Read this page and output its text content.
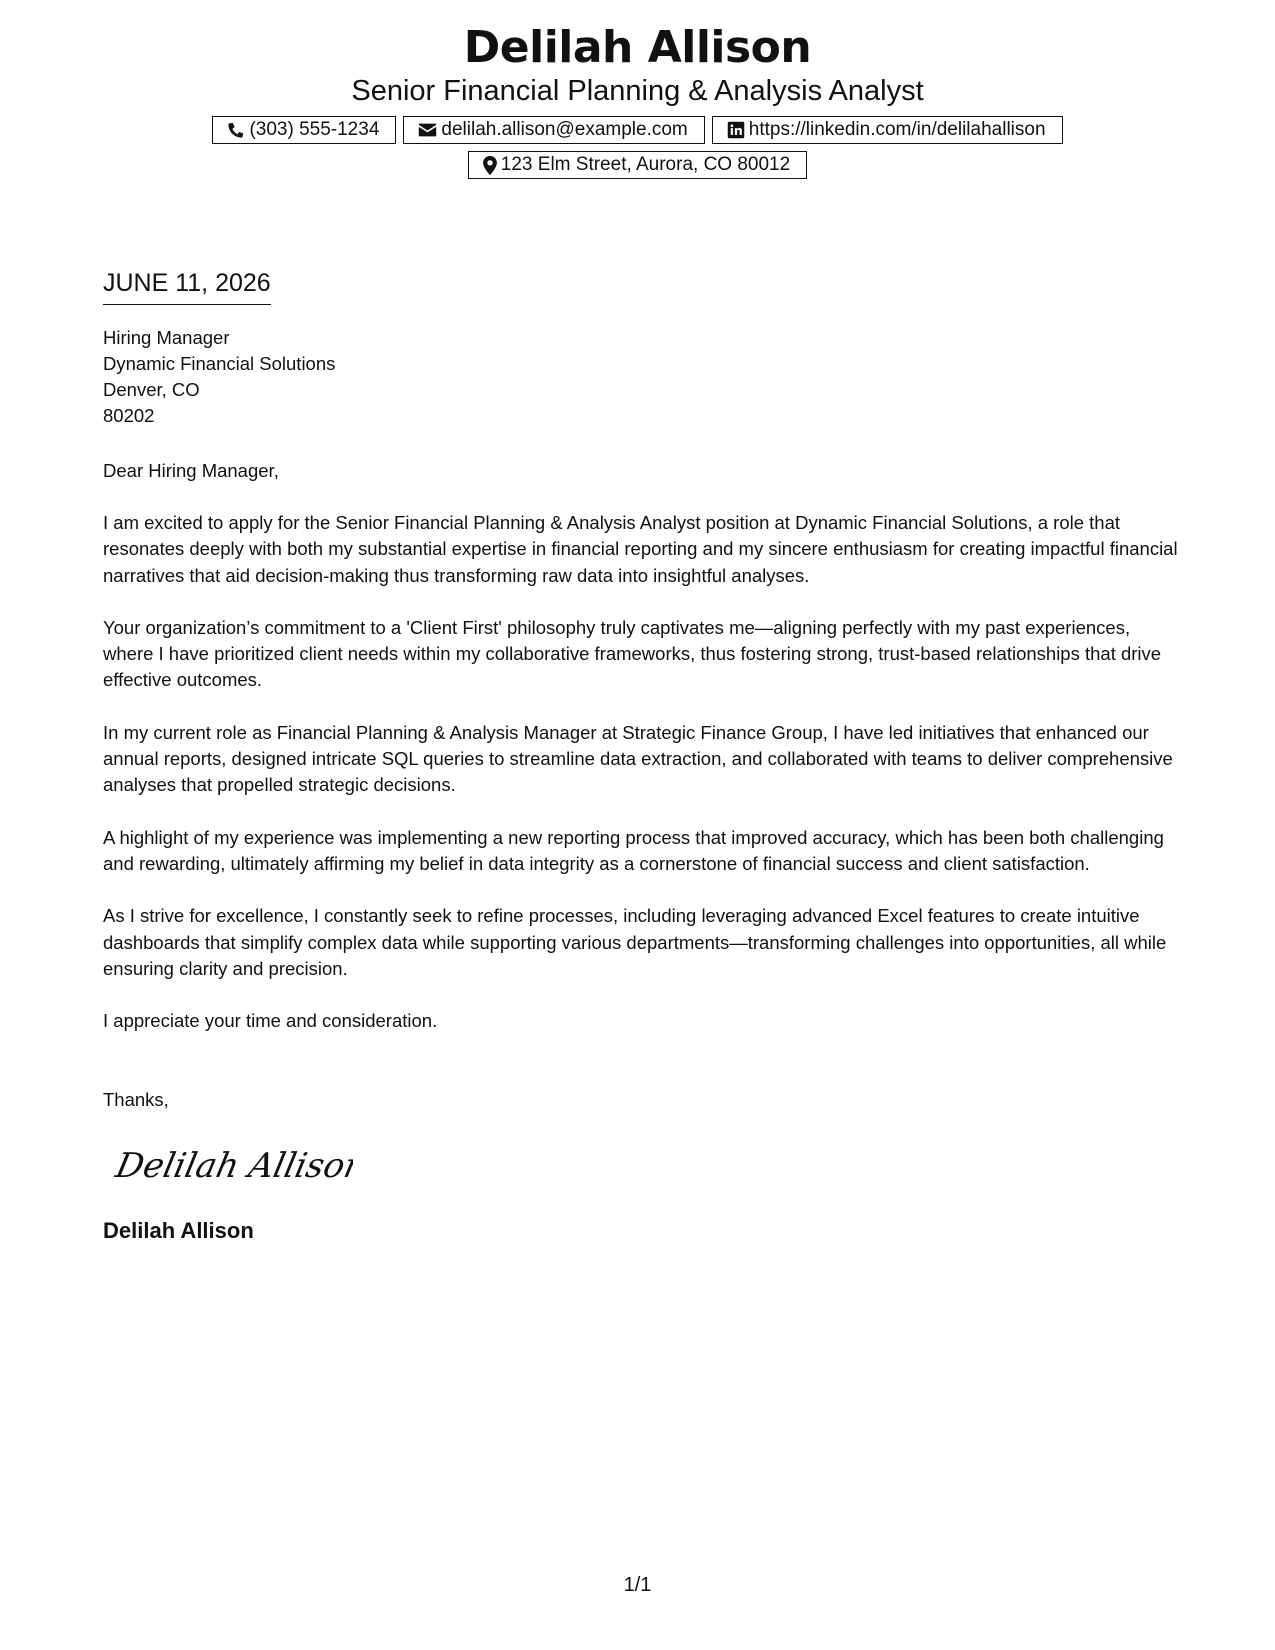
Delilah Allison
Senior Financial Planning & Analysis Analyst
(303) 555-1234	delilah.allison@example.com	https://linkedin.com/in/delilahallison
123 Elm Street, Aurora, CO 80012
JUNE 11, 2026
Hiring Manager
Dynamic Financial Solutions
Denver, CO
80202
Dear Hiring Manager,
I am excited to apply for the Senior Financial Planning & Analysis Analyst position at Dynamic Financial Solutions, a role that resonates deeply with both my substantial expertise in financial reporting and my sincere enthusiasm for creating impactful financial narratives that aid decision-making thus transforming raw data into insightful analyses.
Your organization’s commitment to a 'Client First' philosophy truly captivates me—aligning perfectly with my past experiences, where I have prioritized client needs within my collaborative frameworks, thus fostering strong, trust-based relationships that drive effective outcomes.
In my current role as Financial Planning & Analysis Manager at Strategic Finance Group, I have led initiatives that enhanced our annual reports, designed intricate SQL queries to streamline data extraction, and collaborated with teams to deliver comprehensive analyses that propelled strategic decisions.
A highlight of my experience was implementing a new reporting process that improved accuracy, which has been both challenging and rewarding, ultimately affirming my belief in data integrity as a cornerstone of financial success and client satisfaction.
As I strive for excellence, I constantly seek to refine processes, including leveraging advanced Excel features to create intuitive dashboards that simplify complex data while supporting various departments—transforming challenges into opportunities, all while ensuring clarity and precision.
I appreciate your time and consideration.
Thanks,
Delilah Allison
Delilah Allison
1/1
